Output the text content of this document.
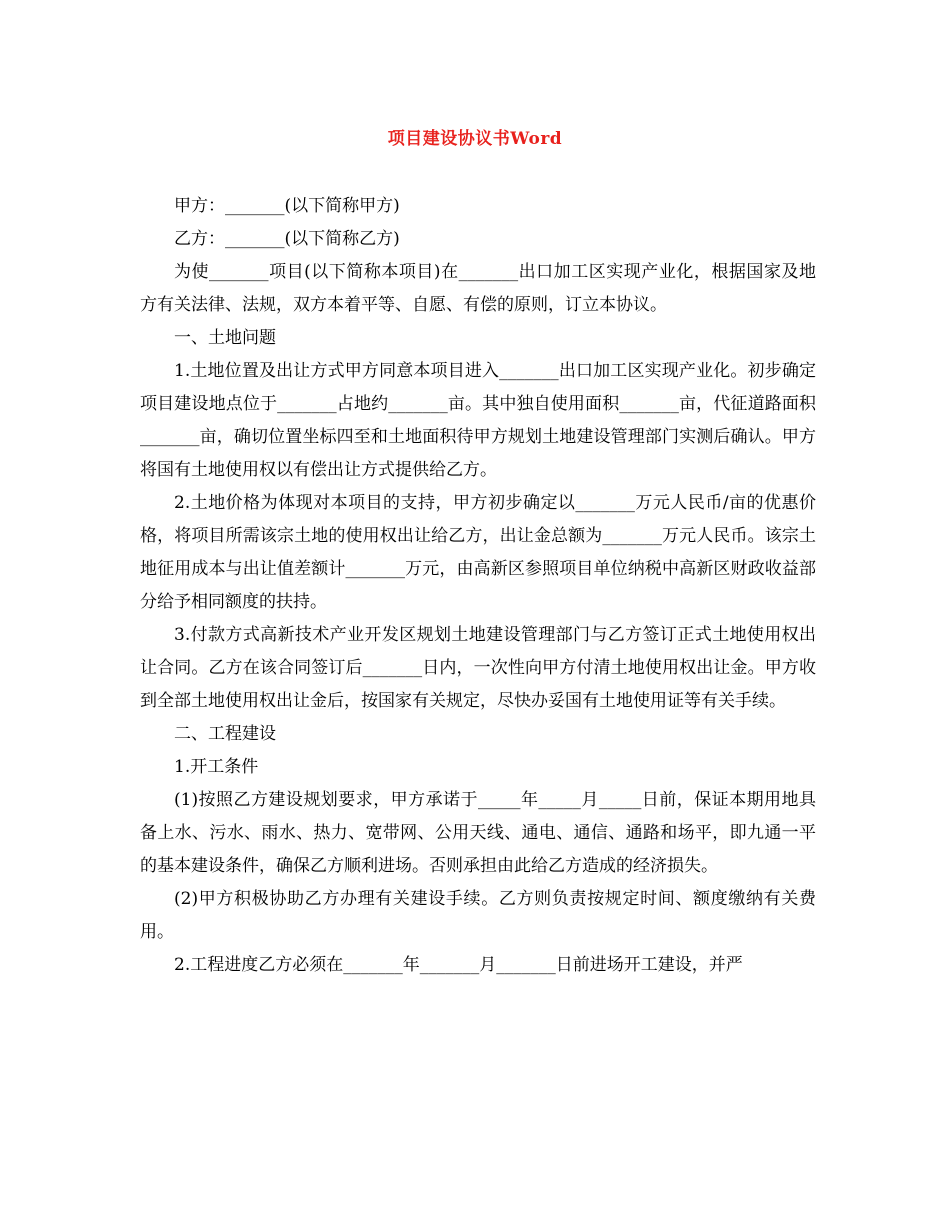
项目建设协议书Word

甲方：_______(以下简称甲方)

乙方：_______(以下简称乙方)

为使_______项目(以下简称本项目)在_______出口加工区实现产业化，根据国家及地方有关法律、法规，双方本着平等、自愿、有偿的原则，订立本协议。

一、土地问题

1.土地位置及出让方式甲方同意本项目进入_______出口加工区实现产业化。初步确定项目建设地点位于_______占地约_______亩。其中独自使用面积_______亩，代征道路面积_______亩，确切位置坐标四至和土地面积待甲方规划土地建设管理部门实测后确认。甲方将国有土地使用权以有偿出让方式提供给乙方。

2.土地价格为体现对本项目的支持，甲方初步确定以_______万元人民币/亩的优惠价格，将项目所需该宗土地的使用权出让给乙方，出让金总额为_______万元人民币。该宗土地征用成本与出让值差额计_______万元，由高新区参照项目单位纳税中高新区财政收益部分给予相同额度的扶持。

3.付款方式高新技术产业开发区规划土地建设管理部门与乙方签订正式土地使用权出让合同。乙方在该合同签订后_______日内，一次性向甲方付清土地使用权出让金。甲方收到全部土地使用权出让金后，按国家有关规定，尽快办妥国有土地使用证等有关手续。

二、工程建设

1.开工条件

(1)按照乙方建设规划要求，甲方承诺于_____年_____月_____日前，保证本期用地具备上水、污水、雨水、热力、宽带网、公用天线、通电、通信、通路和场平，即九通一平的基本建设条件，确保乙方顺利进场。否则承担由此给乙方造成的经济损失。

(2)甲方积极协助乙方办理有关建设手续。乙方则负责按规定时间、额度缴纳有关费用。

2.工程进度乙方必须在_______年_______月_______日前进场开工建设，并严
